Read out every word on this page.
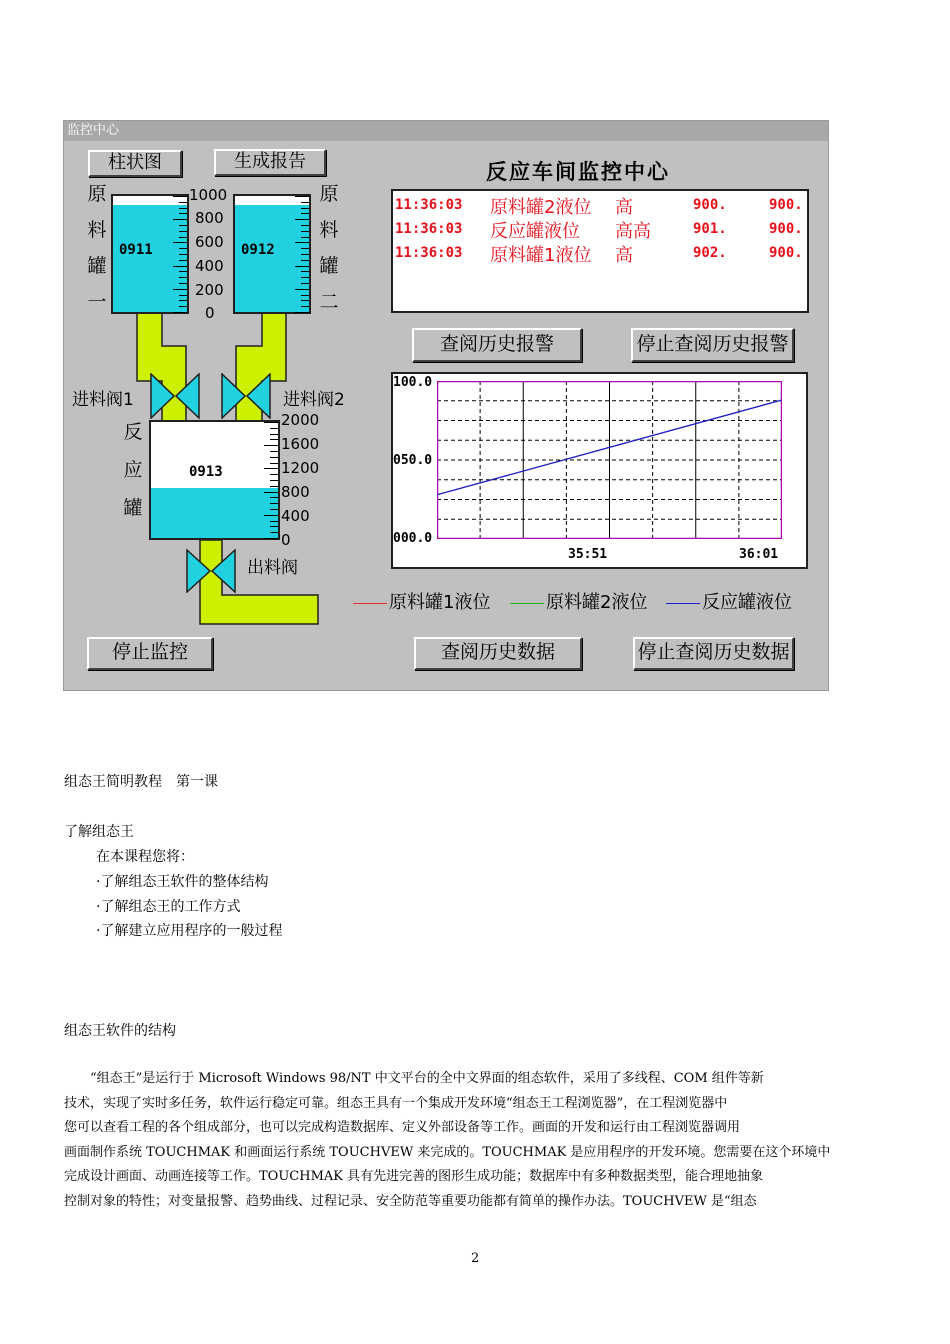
监控中心
柱状图	生成报告
原
料
罐
一
原
料
罐
二
0911	0912
1000
800
600
400
200
0
进料阀1	进料阀2
出料阀
反
应
罐
0913
2000
1600
1200
800
400
0
反应车间监控中心
11:36:03 原料罐2液位 高	900.	900.
11:36:03 反应罐液位 高高	901.	900.
11:36:03 原料罐1液位 高	902.	900.
查阅历史报警	停止查阅历史报警
100.0
050.0
000.0
35:51	36:01
原料罐1液位	原料罐2液位	反应罐液位
停止监控	查阅历史数据	停止查阅历史数据
组态王简明教程　第一课
了解组态王
在本课程您将：
·了解组态王软件的整体结构
·了解组态王的工作方式
·了解建立应用程序的一般过程
组态王软件的结构
　　“组态王”是运行于 Microsoft Windows 98/NT 中文平台的全中文界面的组态软件，采用了多线程、COM 组件等新
技术，实现了实时多任务，软件运行稳定可靠。组态王具有一个集成开发环境“组态王工程浏览器”，在工程浏览器中
您可以查看工程的各个组成部分，也可以完成构造数据库、定义外部设备等工作。画面的开发和运行由工程浏览器调用
画面制作系统 TOUCHMAK 和画面运行系统 TOUCHVEW 来完成的。TOUCHMAK 是应用程序的开发环境。您需要在这个环境中
完成设计画面、动画连接等工作。TOUCHMAK 具有先进完善的图形生成功能；数据库中有多种数据类型，能合理地抽象
控制对象的特性；对变量报警、趋势曲线、过程记录、安全防范等重要功能都有简单的操作办法。TOUCHVEW 是“组态
2
